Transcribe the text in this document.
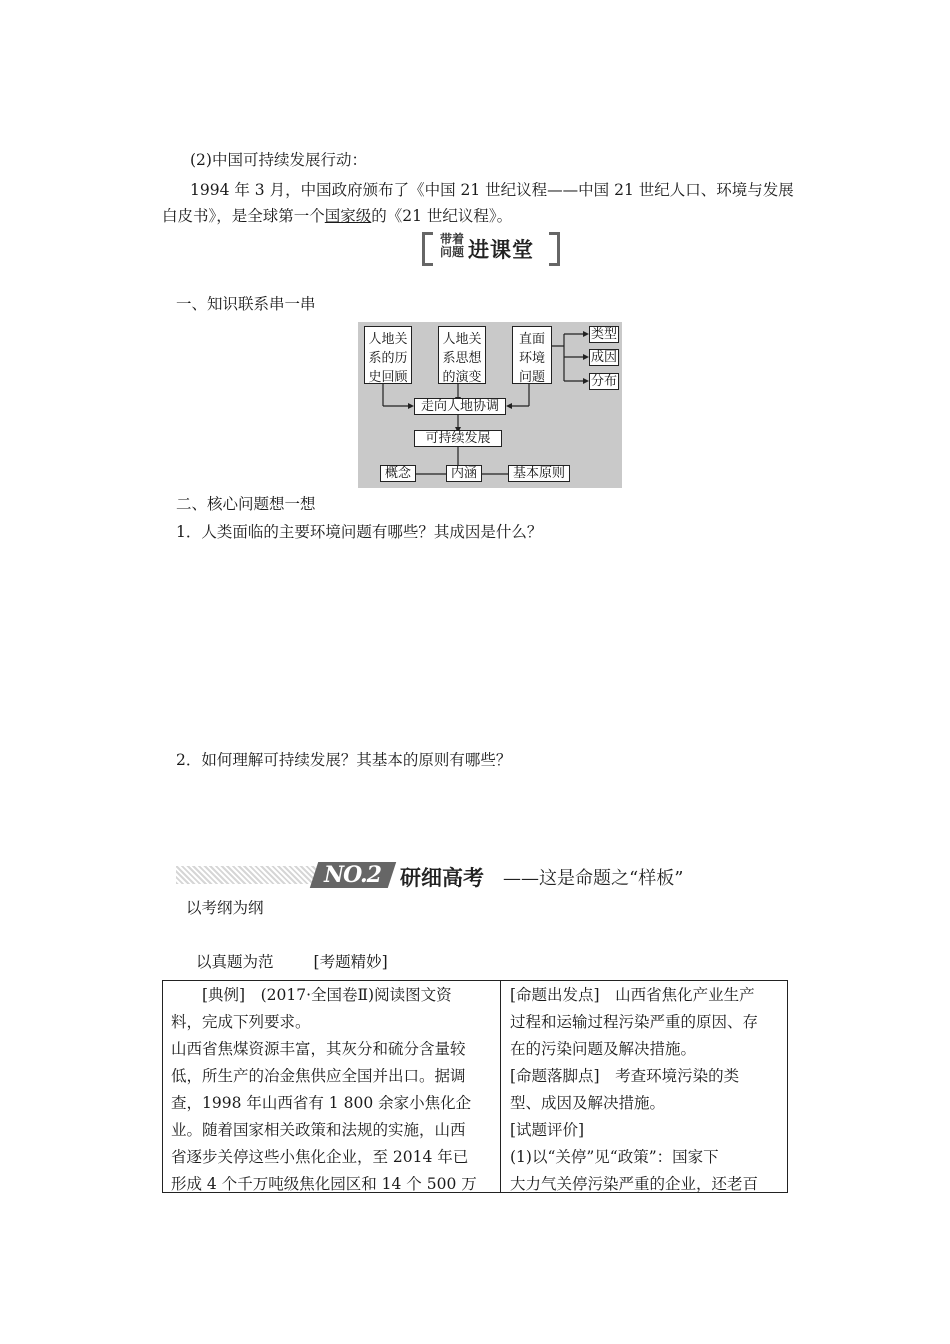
(2)中国可持续发展行动：
1994 年 3 月，中国政府颁布了《中国 21 世纪议程——中国 21 世纪人口、环境与发展
白皮书》，是全球第一个国家级的《21 世纪议程》。
带着
问题 进课堂
一、知识联系串一串
人地关
系的历
史回顾
人地关
系思想
的演变
直面
环境
问题
类型
成因
分布
走向人地协调
可持续发展
概念	内涵	基本原则
二、核心问题想一想
1．人类面临的主要环境问题有哪些？其成因是什么？
2．如何理解可持续发展？其基本的原则有哪些？
NO.2 研细高考 ——这是命题之“样板”
以考纲为纲
以真题为范	[考题精妙]
　　[典例]　(2017·全国卷Ⅱ)阅读图文资
料，完成下列要求。
山西省焦煤资源丰富，其灰分和硫分含量较
低，所生产的冶金焦供应全国并出口。据调
查，1998 年山西省有 1 800 余家小焦化企
业。随着国家相关政策和法规的实施，山西
省逐步关停这些小焦化企业，至 2014 年已
形成 4 个千万吨级焦化园区和 14 个 500 万
[命题出发点]　山西省焦化产业生产
过程和运输过程污染严重的原因、存
在的污染问题及解决措施。
[命题落脚点]　考查环境污染的类
型、成因及解决措施。
[试题评价]
(1)以“关停”见“政策”：国家下
大力气关停污染严重的企业，还老百
